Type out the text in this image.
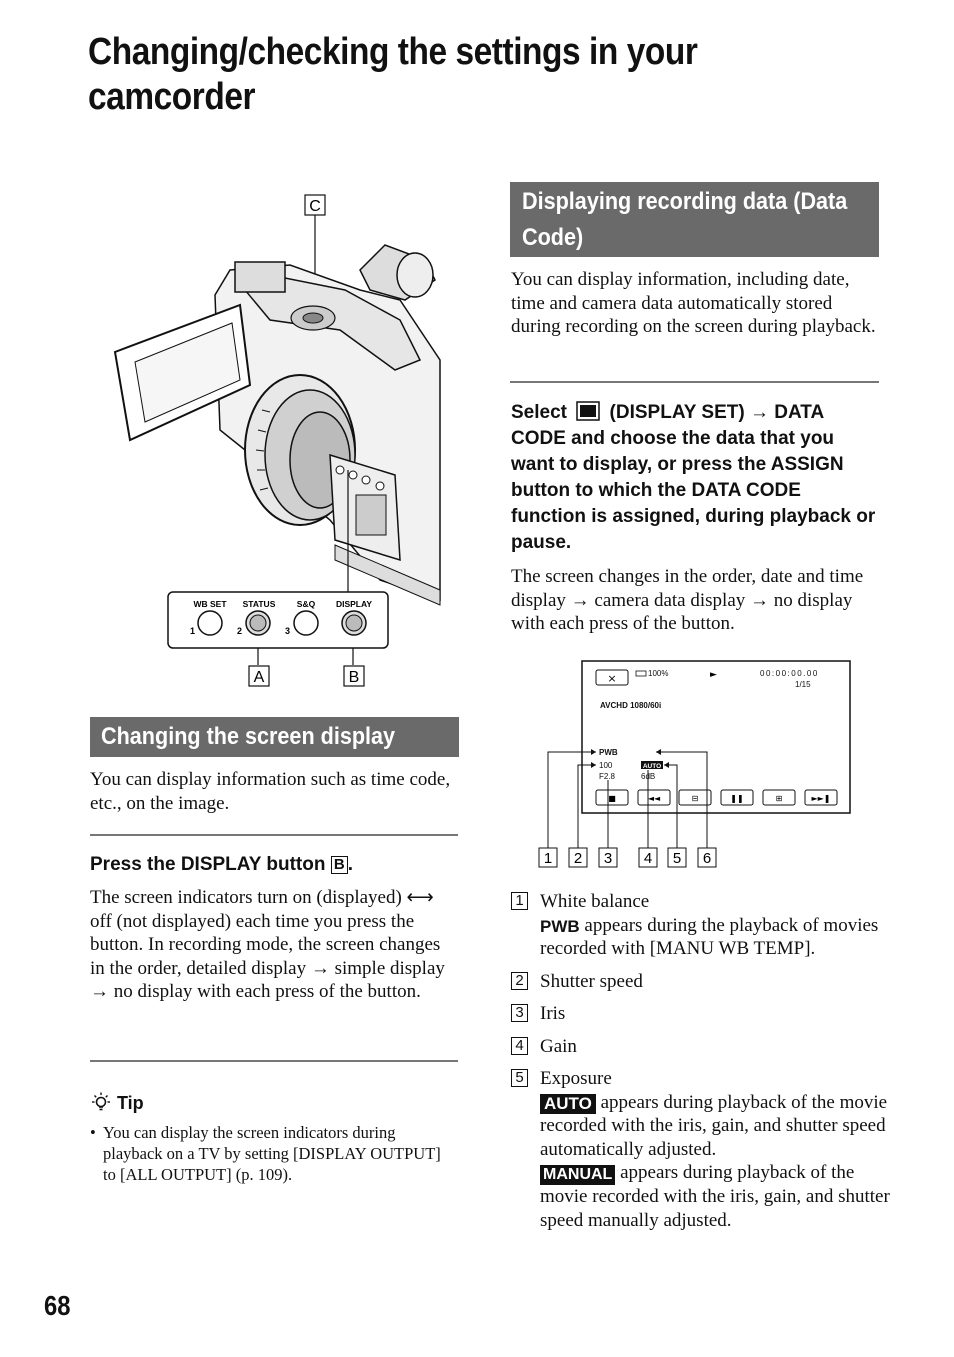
Changing/checking the settings in your camcorder
C
WB SET STATUS	S&Q DISPLAY
1	2	3
A	B
Changing the screen display

You can display information such as time code, etc., on the image.

Press the DISPLAY button B .

The screen indicators turn on (displayed) ⟷ off (not displayed) each time you press the button. In recording mode, the screen changes in the order, detailed display → simple display → no display with each press of the button.

Tip
• You can display the screen indicators during playback on a TV by setting [DISPLAY OUTPUT] to [ALL OUTPUT] (p. 109).
Displaying recording data (Data Code)

You can display information, including date, time and camera data automatically stored during recording on the screen during playback.

Select (DISPLAY SET) → DATA CODE and choose the data that you want to display, or press the ASSIGN button to which the DATA CODE function is assigned, during playback or pause.

The screen changes in the order, date and time display → camera data display → no display with each press of the button.

×	100%	00:00:00.00
1/15
AVCHD 1080/60i
PWB
100
F2.8	6dB
►
AUTO
■	◄◄	⊟	❚❚	⊞	►►❚
1 2 3 4 5 6
1 White balance
PWB appears during the playback of movies recorded with [MANU WB TEMP].
2 Shutter speed
3 Iris
4 Gain
5 Exposure
AUTO appears during playback of the movie recorded with the iris, gain, and shutter speed automatically adjusted.
MANUAL appears during playback of the movie recorded with the iris, gain, and shutter speed manually adjusted.
68
